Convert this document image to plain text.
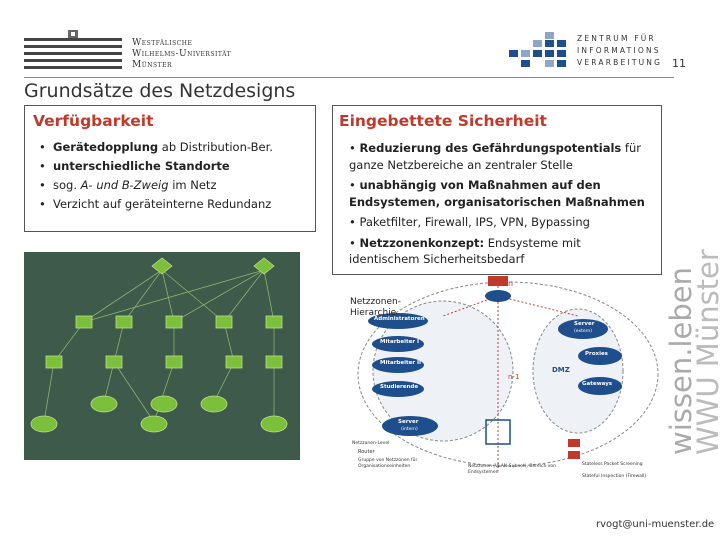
Westfälische
Wilhelms-Universität
Münster
ZENTRUM FÜR
INFORMATIONS
VERARBEITUNG 11
Grundsätze des Netzdesigns
Verfügbarkeit
• Gerätedopplung ab Distribution-Ber.
• unterschiedliche Standorte
• sog. A- und B-Zweig im Netz
• Verzicht auf geräteinterne Redundanz
Eingebettete Sicherheit

• Reduzierung des Gefährdungspotentials für ganze Netzbereiche an zentraler Stelle

• unabhängig von Maßnahmen auf den Endsystemen, organisatorischen Maßnahmen

• Paketfilter, Firewall, IPS, VPN, Bypassing

• Netzzonenkonzept: Endsysteme mit identischem Sicherheitsbedarf

Netzzonen-
Hierarchie
n
n-1
Administratoren
Mitarbeiter I
Mitarbeiter II
Studierende
Server
(intern)
Server
(extern)
Proxies
Gateways
DMZ
Netzzonen-Level
Router
Gruppe von Netzzonen für Organisationseinheiten	Netzzonen (VLAN-Subnet), Bereich von Endsystemen
Stateless Packet Screening
Stateful Inspection (Firewall)
wissen.leben
WWU Münster
rvogt@uni-muenster.de
